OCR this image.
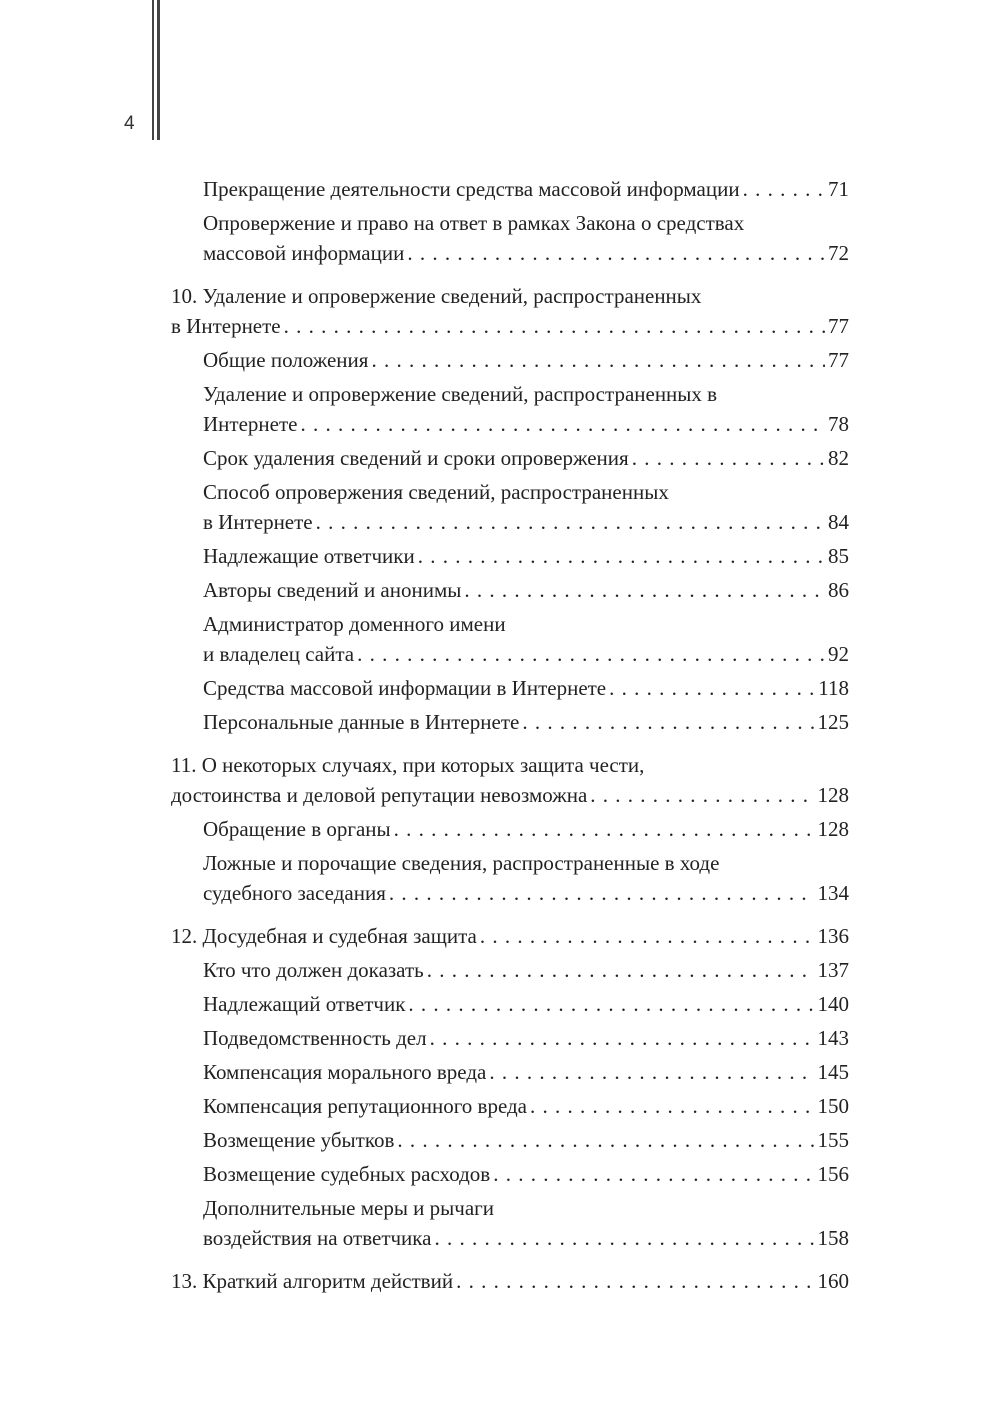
4
Прекращение деятельности средства массовой информации . . .	71
Опровержение и право на ответ в рамках Закона о средствах
массовой информации . . .	72
10. Удаление и опровержение сведений, распространенных
в Интернете . . .	77
Общие положения . . .	77
Удаление и опровержение сведений, распространенных в
Интернете . . .	78
Срок удаления сведений и сроки опровержения . . .	82
Способ опровержения сведений, распространенных
в Интернете . . .	84
Надлежащие ответчики . . .	85
Авторы сведений и анонимы . . .	86
Администратор доменного имени
и владелец сайта . . .	92
Средства массовой информации в Интернете . . .	118
Персональные данные в Интернете . . .	125
11. О некоторых случаях, при которых защита чести,
достоинства и деловой репутации невозможна . . .	128
Обращение в органы . . .	128
Ложные и порочащие сведения, распространенные в ходе
судебного заседания . . .	134
12. Досудебная и судебная защита . . .	136
Кто что должен доказать . . .	137
Надлежащий ответчик . . .	140
Подведомственность дел . . .	143
Компенсация морального вреда . . .	145
Компенсация репутационного вреда . . .	150
Возмещение убытков . . .	155
Возмещение судебных расходов . . .	156
Дополнительные меры и рычаги
воздействия на ответчика . . .	158
13. Краткий алгоритм действий . . .	160
